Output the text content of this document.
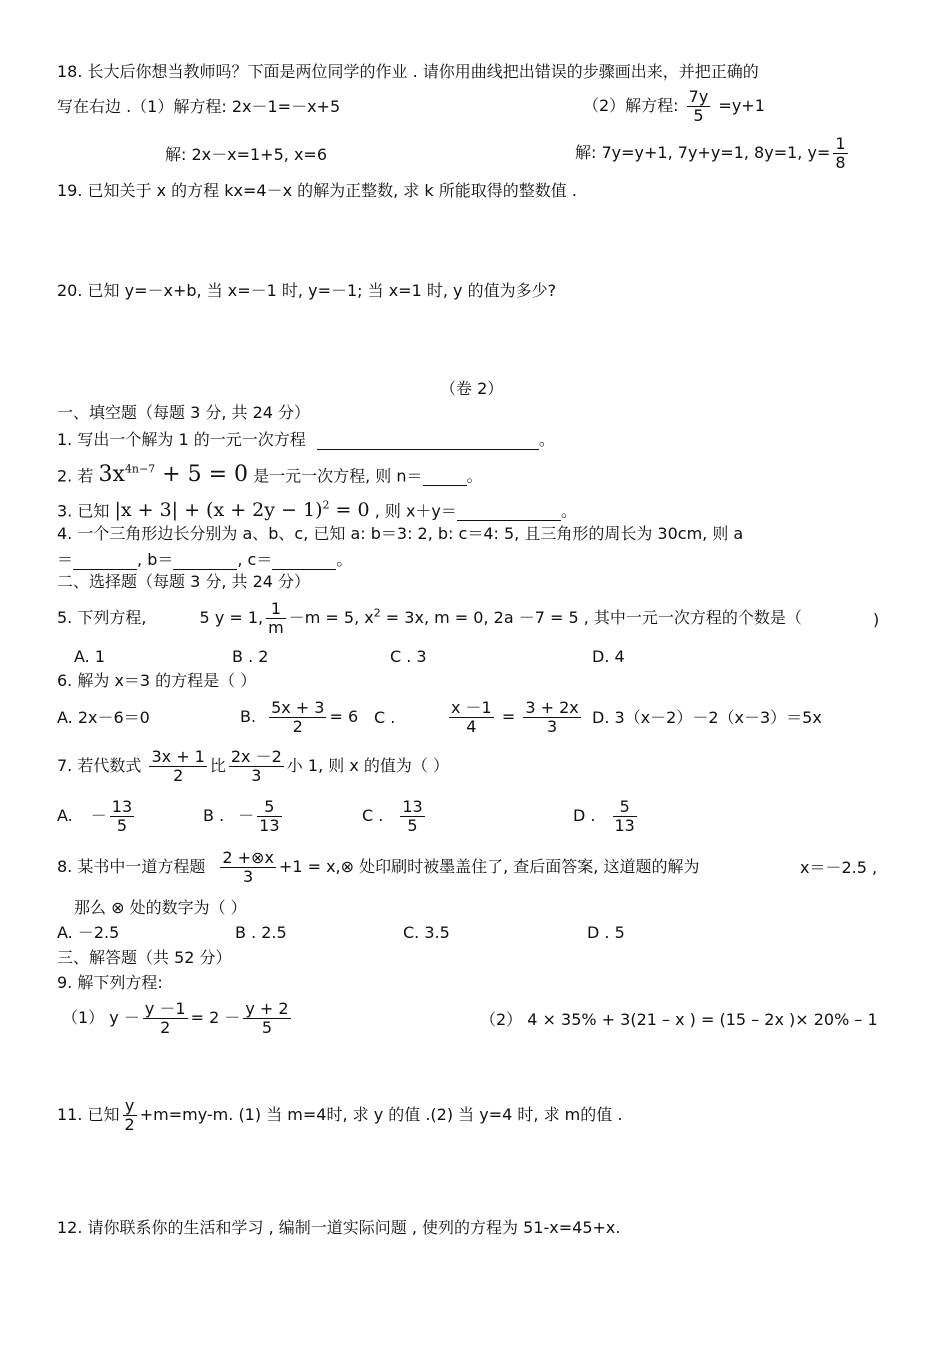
18. 长大后你想当教师吗？下面是两位同学的作业 . 请你用曲线把出错误的步骤画出来，并把正确的
写在右边 .（1）解方程: 2x－1=－x+5	（2）解方程: $\frac{7y}{5} =y+1$
解: 2x－x=1+5, x=6	解: 7y=y+1, 7y+y=1, 8y=1, $y= \frac{1}{8}$
19. 已知关于 x 的方程 kx=4－x 的解为正整数, 求 k 所能取得的整数值 .
20. 已知 y=－x+b, 当 x=－1 时, y=－1; 当 x=1 时, y 的值为多少?
（卷 2）
一、填空题（每题 3 分, 共 24 分）
1. 写出一个解为 1 的一元一次方程	。
2. 若 $3x^{4n-7} + 5 = 0$ 是一元一次方程, 则 n＝	。
3. 已知 $|x + 3| + (x + 2y - 1)^2 = 0$ , 则 x＋y＝	。
4. 一个三角形边长分别为 a、b、c, 已知 a: b＝3: 2, b: c＝4: 5, 且三角形的周长为 30cm, 则 a
＝	, b＝	, c＝	。
二、选择题（每题 3 分, 共 24 分）
5. 下列方程,	5 y = 1, $\frac{1}{m} -m = 5$, $x^2 = 3x$, m = 0, 2a －7 = 5 , 其中一元一次方程的个数是（	)
A. 1	B . 2	C . 3	D. 4
6. 解为 x＝3 的方程是（ ）
A. 2x－6＝0	B. $\frac{5x + 3}{2} = 6$ C .	$\frac{x -1}{4} = \frac{3 + 2x}{3} D$. 3（x－2）－2（x－3）＝5x
7. 若代数式 $\frac{3x + 1}{2}$ 比 $\frac{2x -2}{3}$ 小 1, 则 x 的值为（ ）
A. － $\frac{13}{5}$	B . － $\frac{5}{13}$	C . $\frac{13}{5}$	D . $\frac{5}{13}$
8. 某书中一道方程题 $\frac{2 +\otimes x}{3} +1$ = x,⊗ 处印刷时被墨盖住了, 查后面答案, 这道题的解为	x＝－2.5 ,
那么 ⊗ 处的数字为（ ）
A. －2.5	B . 2.5	C. 3.5	D . 5
三、解答题（共 52 分）
9. 解下列方程:
（1） $y - \frac{y -1}{2} = 2 - \frac{y + 2}{5}$	（2） 4 × 35% + 3(21 – x ) = (15 – 2x )× 20% – 1
11. 已知 $\frac{y}{2} +m=my-m$. (1) 当 m=4时, 求 y 的值 .(2) 当 y=4 时, 求 m的值 .
12. 请你联系你的生活和学习 , 编制一道实际问题 , 使列的方程为 51-x=45+x.
